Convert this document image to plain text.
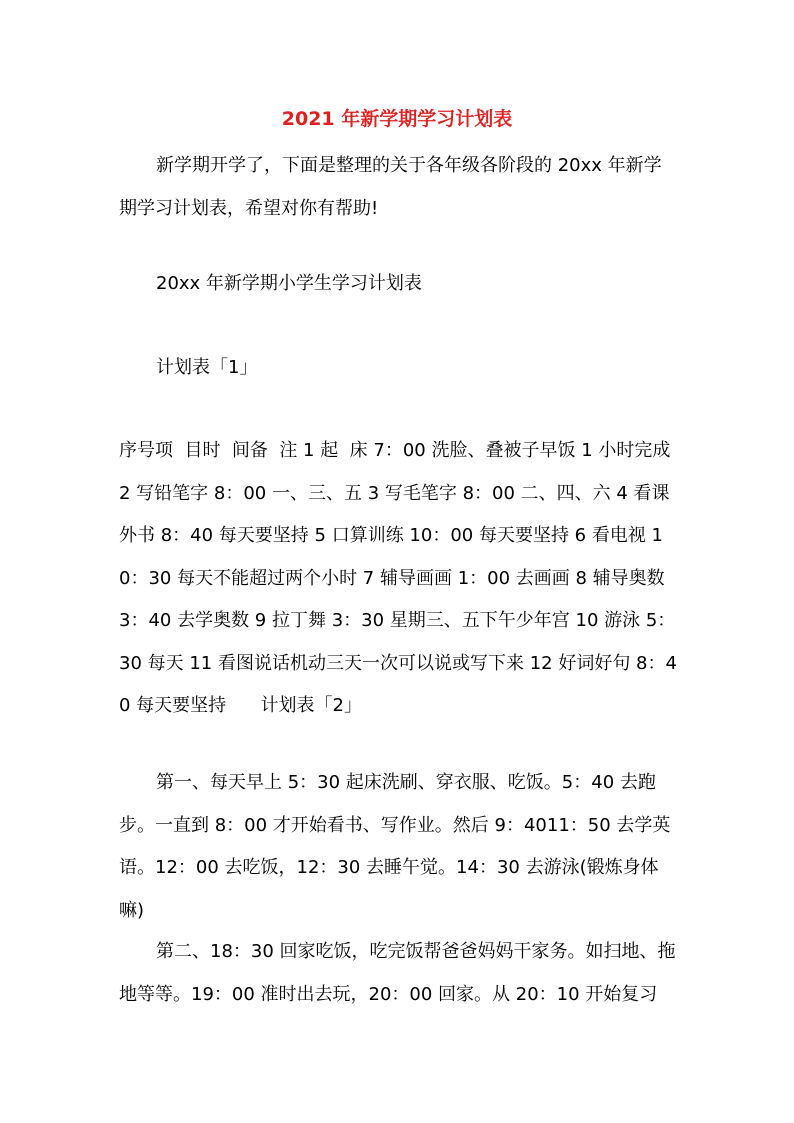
2021 年新学期学习计划表
新学期开学了，下面是整理的关于各年级各阶段的 20xx 年新学期学习计划表，希望对你有帮助!
20xx 年新学期小学生学习计划表
计划表「1」
序号项  目时  间备  注 1 起  床 7：00 洗脸、叠被子早饭 1 小时完成 2 写铅笔字 8：00 一、三、五 3 写毛笔字 8：00 二、四、六 4 看课外书 8：40 每天要坚持 5 口算训练 10：00 每天要坚持 6 看电视 10：30 每天不能超过两个小时 7 辅导画画 1：00 去画画 8 辅导奥数 3：40 去学奥数 9 拉丁舞 3：30 星期三、五下午少年宫 10 游泳 5：30 每天 11 看图说话机动三天一次可以说或写下来 12 好词好句 8：40 每天要坚持      计划表「2」
第一、每天早上 5：30 起床洗刷、穿衣服、吃饭。5：40 去跑步。一直到 8：00 才开始看书、写作业。然后 9：4011：50 去学英语。12：00 去吃饭，12：30 去睡午觉。14：30 去游泳(锻炼身体嘛)
第二、18：30 回家吃饭，吃完饭帮爸爸妈妈干家务。如扫地、拖地等等。19：00 准时出去玩，20：00 回家。从 20：10 开始复习
